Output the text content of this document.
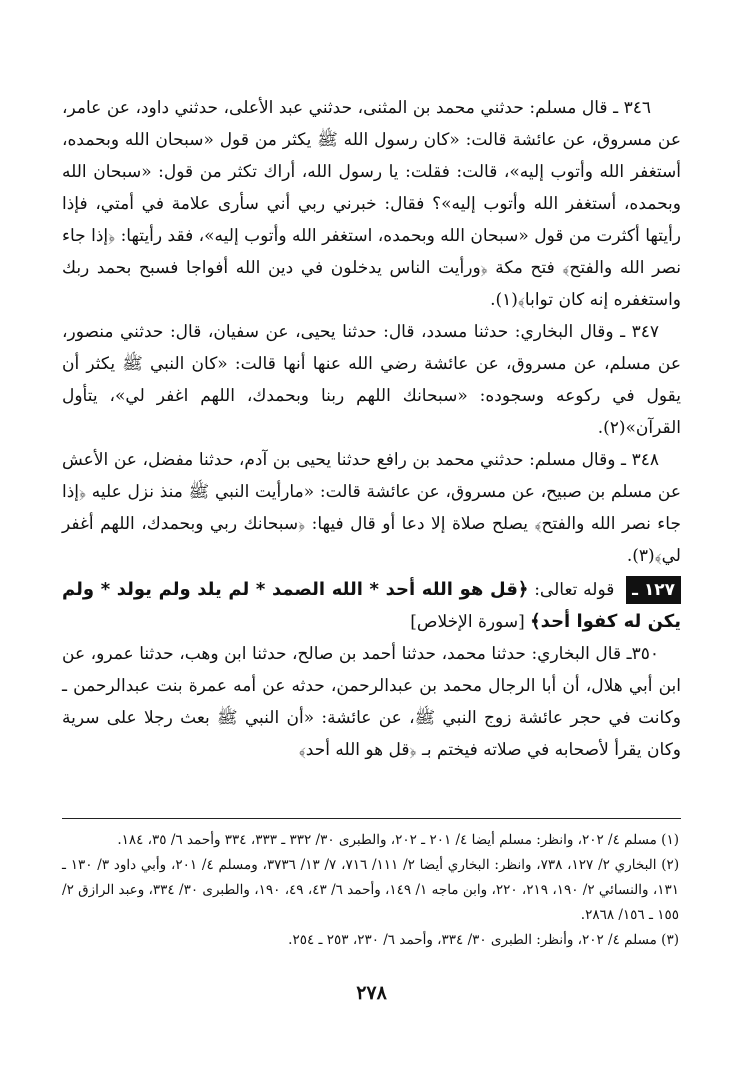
٣٤٦ ـ قال مسلم: حدثني محمد بن المثنى، حدثني عبد الأعلى، حدثني داود، عن عامر، عن مسروق، عن عائشة قالت: «كان رسول الله ﷺ يكثر من قول «سبحان الله وبحمده، أستغفر الله وأتوب إليه»، قالت: فقلت: يا رسول الله، أراك تكثر من قول: «سبحان الله وبحمده، أستغفر الله وأتوب إليه»؟ فقال: خبرني ربي أني سأرى علامة في أمتي، فإذا رأيتها أكثرت من قول «سبحان الله وبحمده، استغفر الله وأتوب إليه»، فقد رأيتها: ﴿إذا جاء نصر الله والفتح﴾ فتح مكة ﴿ورأيت الناس يدخلون في دين الله أفواجا فسبح بحمد ربك واستغفره إنه كان توابا﴾(١).

٣٤٧ ـ وقال البخاري: حدثنا مسدد، قال: حدثنا يحيى، عن سفيان، قال: حدثني منصور، عن مسلم، عن مسروق، عن عائشة رضي الله عنها أنها قالت: «كان النبي ﷺ يكثر أن يقول في ركوعه وسجوده: «سبحانك اللهم ربنا وبحمدك، اللهم اغفر لي»، يتأول القرآن»(٢).

٣٤٨ ـ وقال مسلم: حدثني محمد بن رافع حدثنا يحيى بن آدم، حدثنا مفضل، عن الأعش عن مسلم بن صبيح، عن مسروق، عن عائشة قالت: «مارأيت النبي ﷺ منذ نزل عليه ﴿إذا جاء نصر الله والفتح﴾ يصلح صلاة إلا دعا أو قال فيها: ﴿سبحانك ربي وبحمدك، اللهم أغفر لي﴾(٣).

١٢٧ ـ قوله تعالى: ﴿قل هو الله أحد * الله الصمد * لم يلد ولم يولد * ولم يكن له كفوا أحد﴾ [سورة الإخلاص]

٣٥٠ـ قال البخاري: حدثنا محمد، حدثنا أحمد بن صالح، حدثنا ابن وهب، حدثنا عمرو، عن ابن أبي هلال، أن أبا الرجال محمد بن عبدالرحمن، حدثه عن أمه عمرة بنت عبدالرحمن ـ وكانت في حجر عائشة زوج النبي ﷺ، عن عائشة: «أن النبي ﷺ بعث رجلا على سرية وكان يقرأ لأصحابه في صلاته فيختم بـ ﴿قل هو الله أحد﴾

(١) مسلم ٤/ ٢٠٢، وانظر: مسلم أيضا ٤/ ٢٠١ ـ ٢٠٢، والطبرى ٣٠/ ٣٣٢ ـ ٣٣٣، ٣٣٤ وأحمد ٦/ ٣٥، ١٨٤.

(٢) البخاري ٢/ ١٢٧، ٧٣٨، وانظر: البخاري أيضا ٢/ ١١١/ ٧١٦، ٧/ ١٣/ ٣٧٣٦، ومسلم ٤/ ٢٠١، وأبي داود ٣/ ١٣٠ ـ ١٣١، والنسائي ٢/ ١٩٠، ٢١٩، ٢٢٠، وابن ماجه ١/ ١٤٩، وأحمد ٦/ ٤٣، ٤٩، ١٩٠، والطبرى ٣٠/ ٣٣٤، وعبد الرازق ٢/ ١٥٥ ـ ١٥٦/ ٢٨٦٨.

(٣) مسلم ٤/ ٢٠٢، وأنظر: الطبرى ٣٠/ ٣٣٤، وأحمد ٦/ ٢٣٠، ٢٥٣ ـ ٢٥٤.

٢٧٨
